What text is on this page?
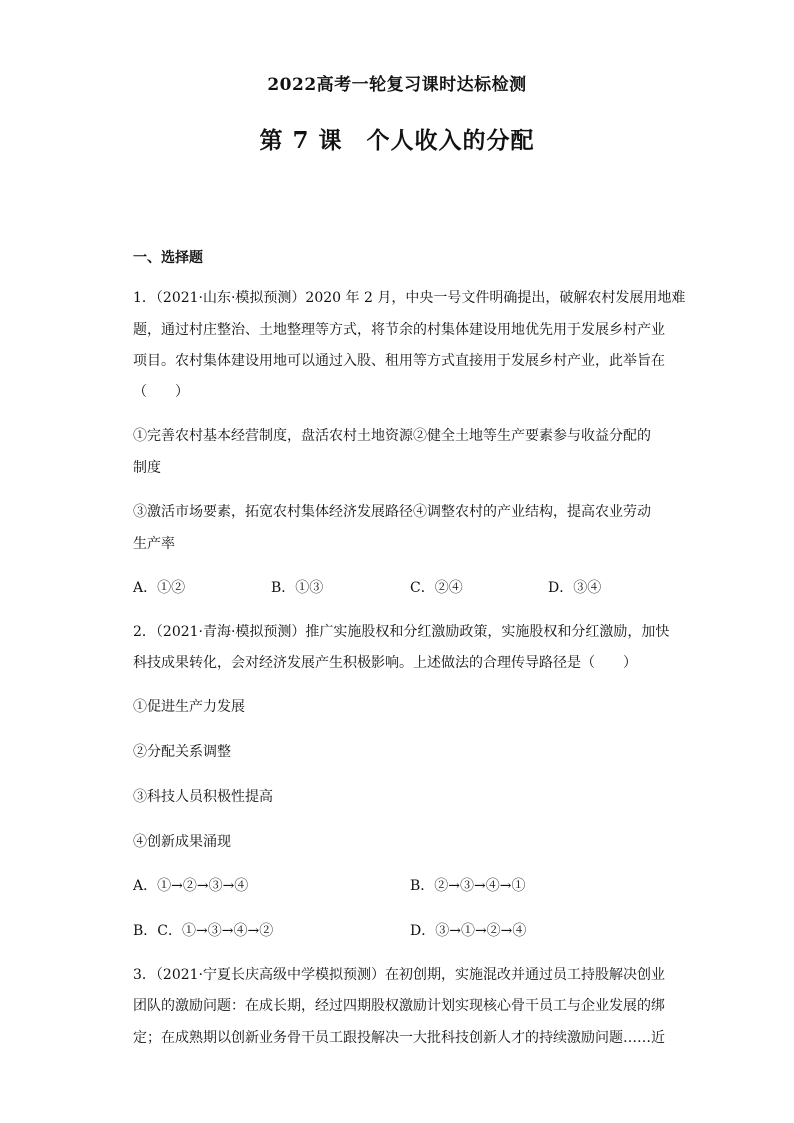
2022高考一轮复习课时达标检测
第 7 课　个人收入的分配
一、选择题
1．（2021·山东·模拟预测）2020 年 2 月，中央一号文件明确提出，破解农村发展用地难
题，通过村庄整治、土地整理等方式，将节余的村集体建设用地优先用于发展乡村产业
项目。农村集体建设用地可以通过入股、租用等方式直接用于发展乡村产业，此举旨在
（　　）
①完善农村基本经营制度，盘活农村土地资源②健全土地等生产要素参与收益分配的
制度
③激活市场要素，拓宽农村集体经济发展路径④调整农村的产业结构，提高农业劳动
生产率
A．①②	B．①③	C．②④	D．③④
2．（2021·青海·模拟预测）推广实施股权和分红激励政策，实施股权和分红激励，加快
科技成果转化，会对经济发展产生积极影响。上述做法的合理传导路径是（　　）
①促进生产力发展
②分配关系调整
③科技人员积极性提高
④创新成果涌现
A．①→②→③→④	B．②→③→④→①
B．C．①→③→④→②	D．③→①→②→④
3．（2021·宁夏长庆高级中学模拟预测）在初创期，实施混改并通过员工持股解决创业
团队的激励问题：在成长期，经过四期股权激励计划实现核心骨干员工与企业发展的绑
定；在成熟期以创新业务骨干员工跟投解决一大批科技创新人才的持续激励问题……近
